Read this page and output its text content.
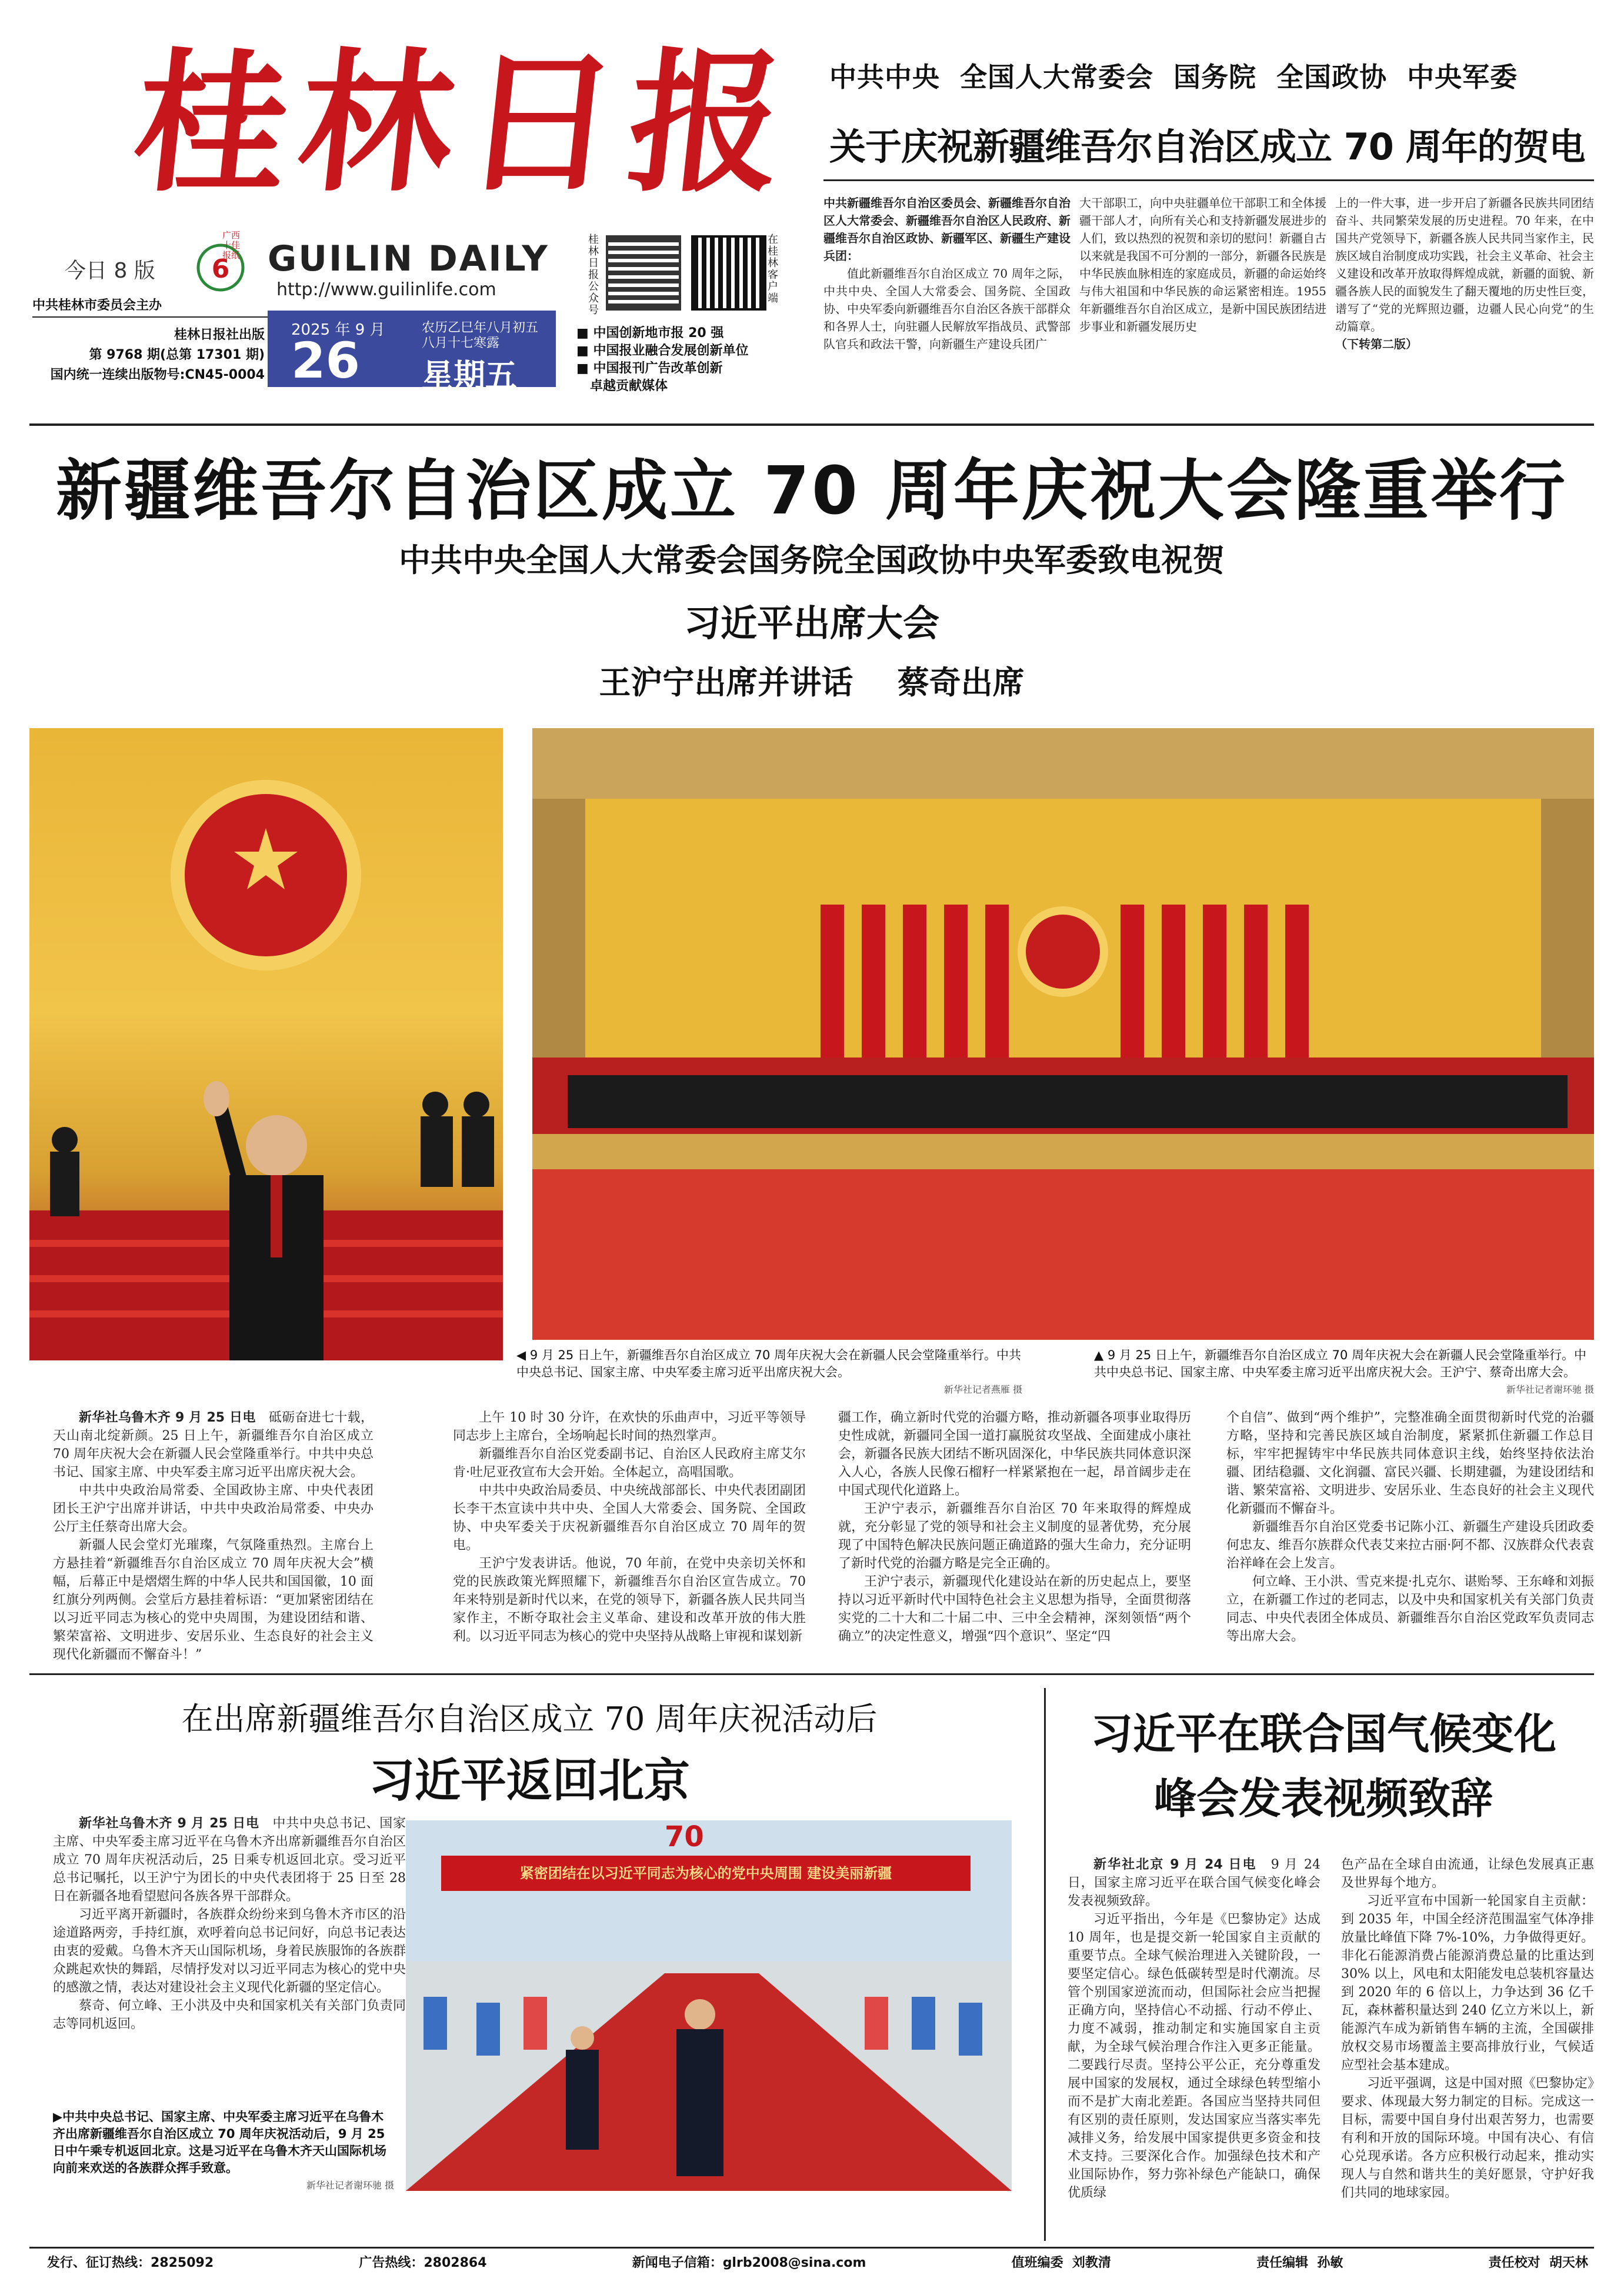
桂林日报
今日 8 版 6
广西十佳报纸
中共桂林市委员会主办
桂林日报社出版
第 9768 期(总第 17301 期)
国内统一连续出版物号:CN45-0004
GUILIN DAILY
http://www.guilinlife.com
2025 年 9 月
26
农历乙巳年八月初五
八月十七寒露
星期五
桂林日报公众号
在桂林客户端
■ 中国创新地市报 20 强
■ 中国报业融合发展创新单位
■ 中国报刊广告改革创新
卓越贡献媒体
中共中央  全国人大常委会  国务院  全国政协  中央军委
关于庆祝新疆维吾尔自治区成立 70 周年的贺电

中共新疆维吾尔自治区委员会、新疆维吾尔自治区人大常委会、新疆维吾尔自治区人民政府、新疆维吾尔自治区政协、新疆军区、新疆生产建设兵团：

值此新疆维吾尔自治区成立 70 周年之际，中共中央、全国人大常委会、国务院、全国政协、中央军委向新疆维吾尔自治区各族干部群众和各界人士，向驻疆人民解放军指战员、武警部队官兵和政法干警，向新疆生产建设兵团广

大干部职工，向中央驻疆单位干部职工和全体援疆干部人才，向所有关心和支持新疆发展进步的人们，致以热烈的祝贺和亲切的慰问！新疆自古以来就是我国不可分割的一部分，新疆各民族是中华民族血脉相连的家庭成员，新疆的命运始终与伟大祖国和中华民族的命运紧密相连。1955 年新疆维吾尔自治区成立，是新中国民族团结进步事业和新疆发展历史

上的一件大事，进一步开启了新疆各民族共同团结奋斗、共同繁荣发展的历史进程。70 年来，在中国共产党领导下，新疆各族人民共同当家作主，民族区域自治制度成功实践，社会主义革命、社会主义建设和改革开放取得辉煌成就，新疆的面貌、新疆各族人民的面貌发生了翻天覆地的历史性巨变，谱写了“党的光辉照边疆，边疆人民心向党”的生动篇章。

（下转第二版）
新疆维吾尔自治区成立 70 周年庆祝大会隆重举行
中共中央全国人大常委会国务院全国政协中央军委致电祝贺
习近平出席大会
王沪宁出席并讲话    蔡奇出席
◀ 9 月 25 日上午，新疆维吾尔自治区成立 70 周年庆祝大会在新疆人民会堂隆重举行。中共中央总书记、国家主席、中央军委主席习近平出席庆祝大会。
新华社记者燕雁 摄
▲ 9 月 25 日上午，新疆维吾尔自治区成立 70 周年庆祝大会在新疆人民会堂隆重举行。中共中央总书记、国家主席、中央军委主席习近平出席庆祝大会。王沪宁、蔡奇出席大会。
新华社记者谢环驰 摄

新华社乌鲁木齐 9 月 25 日电　 砥砺奋进七十载，天山南北绽新颜。25 日上午，新疆维吾尔自治区成立 70 周年庆祝大会在新疆人民会堂隆重举行。中共中央总书记、国家主席、中央军委主席习近平出席庆祝大会。

中共中央政治局常委、全国政协主席、中央代表团团长王沪宁出席并讲话，中共中央政治局常委、中央办公厅主任蔡奇出席大会。

新疆人民会堂灯光璀璨，气氛隆重热烈。主席台上方悬挂着“新疆维吾尔自治区成立 70 周年庆祝大会”横幅，后幕正中是熠熠生辉的中华人民共和国国徽，10 面红旗分列两侧。会堂后方悬挂着标语：“更加紧密团结在以习近平同志为核心的党中央周围，为建设团结和谐、繁荣富裕、文明进步、安居乐业、生态良好的社会主义现代化新疆而不懈奋斗！”

上午 10 时 30 分许，在欢快的乐曲声中，习近平等领导同志步上主席台，全场响起长时间的热烈掌声。

新疆维吾尔自治区党委副书记、自治区人民政府主席艾尔肯·吐尼亚孜宣布大会开始。全体起立，高唱国歌。

中共中央政治局委员、中央统战部部长、中央代表团副团长李干杰宣读中共中央、全国人大常委会、国务院、全国政协、中央军委关于庆祝新疆维吾尔自治区成立 70 周年的贺电。

王沪宁发表讲话。他说，70 年前，在党中央亲切关怀和党的民族政策光辉照耀下，新疆维吾尔自治区宣告成立。70 年来特别是新时代以来，在党的领导下，新疆各族人民共同当家作主，不断夺取社会主义革命、建设和改革开放的伟大胜利。以习近平同志为核心的党中央坚持从战略上审视和谋划新

疆工作，确立新时代党的治疆方略，推动新疆各项事业取得历史性成就，新疆同全国一道打赢脱贫攻坚战、全面建成小康社会，新疆各民族大团结不断巩固深化，中华民族共同体意识深入人心，各族人民像石榴籽一样紧紧抱在一起，昂首阔步走在中国式现代化道路上。

王沪宁表示，新疆维吾尔自治区 70 年来取得的辉煌成就，充分彰显了党的领导和社会主义制度的显著优势，充分展现了中国特色解决民族问题正确道路的强大生命力，充分证明了新时代党的治疆方略是完全正确的。

王沪宁表示，新疆现代化建设站在新的历史起点上，要坚持以习近平新时代中国特色社会主义思想为指导，全面贯彻落实党的二十大和二十届二中、三中全会精神，深刻领悟“两个确立”的决定性意义，增强“四个意识”、坚定“四

个自信”、做到“两个维护”，完整准确全面贯彻新时代党的治疆方略，坚持和完善民族区域自治制度，紧紧抓住新疆工作总目标，牢牢把握铸牢中华民族共同体意识主线，始终坚持依法治疆、团结稳疆、文化润疆、富民兴疆、长期建疆，为建设团结和谐、繁荣富裕、文明进步、安居乐业、生态良好的社会主义现代化新疆而不懈奋斗。

新疆维吾尔自治区党委书记陈小江、新疆生产建设兵团政委何忠友、维吾尔族群众代表艾来拉古丽·阿不都、汉族群众代表袁治祥峰在会上发言。

何立峰、王小洪、雪克来提·扎克尔、谌贻琴、王东峰和刘振立，在新疆工作过的老同志，以及中央和国家机关有关部门负责同志、中央代表团全体成员、新疆维吾尔自治区党政军负责同志等出席大会。

在出席新疆维吾尔自治区成立 70 周年庆祝活动后
习近平返回北京

新华社乌鲁木齐 9 月 25 日电　 中共中央总书记、国家主席、中央军委主席习近平在乌鲁木齐出席新疆维吾尔自治区成立 70 周年庆祝活动后，25 日乘专机返回北京。受习近平总书记嘱托，以王沪宁为团长的中央代表团将于 25 日至 28 日在新疆各地看望慰问各族各界干部群众。

习近平离开新疆时，各族群众纷纷来到乌鲁木齐市区的沿途道路两旁，手持红旗，欢呼着向总书记问好，向总书记表达由衷的爱戴。乌鲁木齐天山国际机场，身着民族服饰的各族群众跳起欢快的舞蹈，尽情抒发对以习近平同志为核心的党中央的感激之情，表达对建设社会主义现代化新疆的坚定信心。

蔡奇、何立峰、王小洪及中央和国家机关有关部门负责同志等同机返回。

紧密团结在以习近平同志为核心的党中央周围 建设美丽新疆
70
▶中共中央总书记、国家主席、中央军委主席习近平在乌鲁木齐出席新疆维吾尔自治区成立 70 周年庆祝活动后，9 月 25 日中午乘专机返回北京。这是习近平在乌鲁木齐天山国际机场向前来欢送的各族群众挥手致意。
新华社记者谢环驰 摄
习近平在联合国气候变化
峰会发表视频致辞

新华社北京 9 月 24 日电　 9 月 24 日，国家主席习近平在联合国气候变化峰会发表视频致辞。

习近平指出，今年是《巴黎协定》达成 10 周年，也是提交新一轮国家自主贡献的重要节点。全球气候治理进入关键阶段，一要坚定信心。绿色低碳转型是时代潮流。尽管个别国家逆流而动，但国际社会应当把握正确方向，坚持信心不动摇、行动不停止、力度不减弱，推动制定和实施国家自主贡献，为全球气候治理合作注入更多正能量。二要践行尽责。坚持公平公正，充分尊重发展中国家的发展权，通过全球绿色转型缩小而不是扩大南北差距。各国应当坚持共同但有区别的责任原则，发达国家应当落实率先减排义务，给发展中国家提供更多资金和技术支持。三要深化合作。加强绿色技术和产业国际协作，努力弥补绿色产能缺口，确保优质绿

色产品在全球自由流通，让绿色发展真正惠及世界每个地方。

习近平宣布中国新一轮国家自主贡献：到 2035 年，中国全经济范围温室气体净排放量比峰值下降 7%-10%，力争做得更好。非化石能源消费占能源消费总量的比重达到 30% 以上，风电和太阳能发电总装机容量达到 2020 年的 6 倍以上，力争达到 36 亿千瓦，森林蓄积量达到 240 亿立方米以上，新能源汽车成为新销售车辆的主流，全国碳排放权交易市场覆盖主要高排放行业，气候适应型社会基本建成。

习近平强调，这是中国对照《巴黎协定》要求、体现最大努力制定的目标。完成这一目标，需要中国自身付出艰苦努力，也需要有利和开放的国际环境。中国有决心、有信心兑现承诺。各方应积极行动起来，推动实现人与自然和谐共生的美好愿景，守护好我们共同的地球家园。

发行、征订热线：2825092	广告热线：2802864	新闻电子信箱：glrb2008@sina.com	值班编委  刘教清	责任编辑  孙敏	责任校对  胡天林
